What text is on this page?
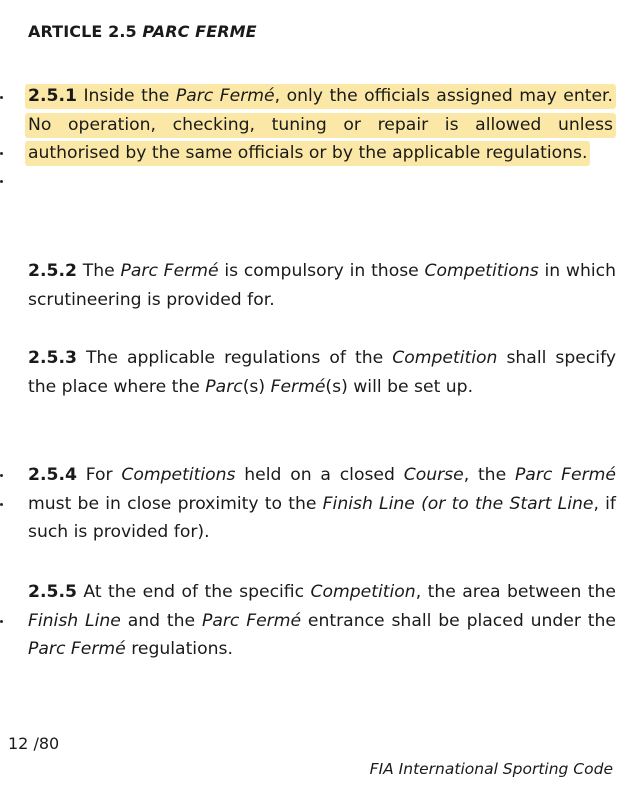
ARTICLE 2.5 PARC FERME
2.5.1 Inside the Parc Fermé, only the officials assigned may enter. No operation, checking, tuning or repair is allowed unless authorised by the same officials or by the applicable regulations.
2.5.2 The Parc Fermé is compulsory in those Competitions in which scrutineering is provided for.
2.5.3 The applicable regulations of the Competition shall specify the place where the Parc(s) Fermé(s) will be set up.
2.5.4 For Competitions held on a closed Course, the Parc Fermé must be in close proximity to the Finish Line (or to the Start Line, if such is provided for).
2.5.5 At the end of the specific Competition, the area between the Finish Line and the Parc Fermé entrance shall be placed under the Parc Fermé regulations.
12 /80
FIA International Sporting Code
